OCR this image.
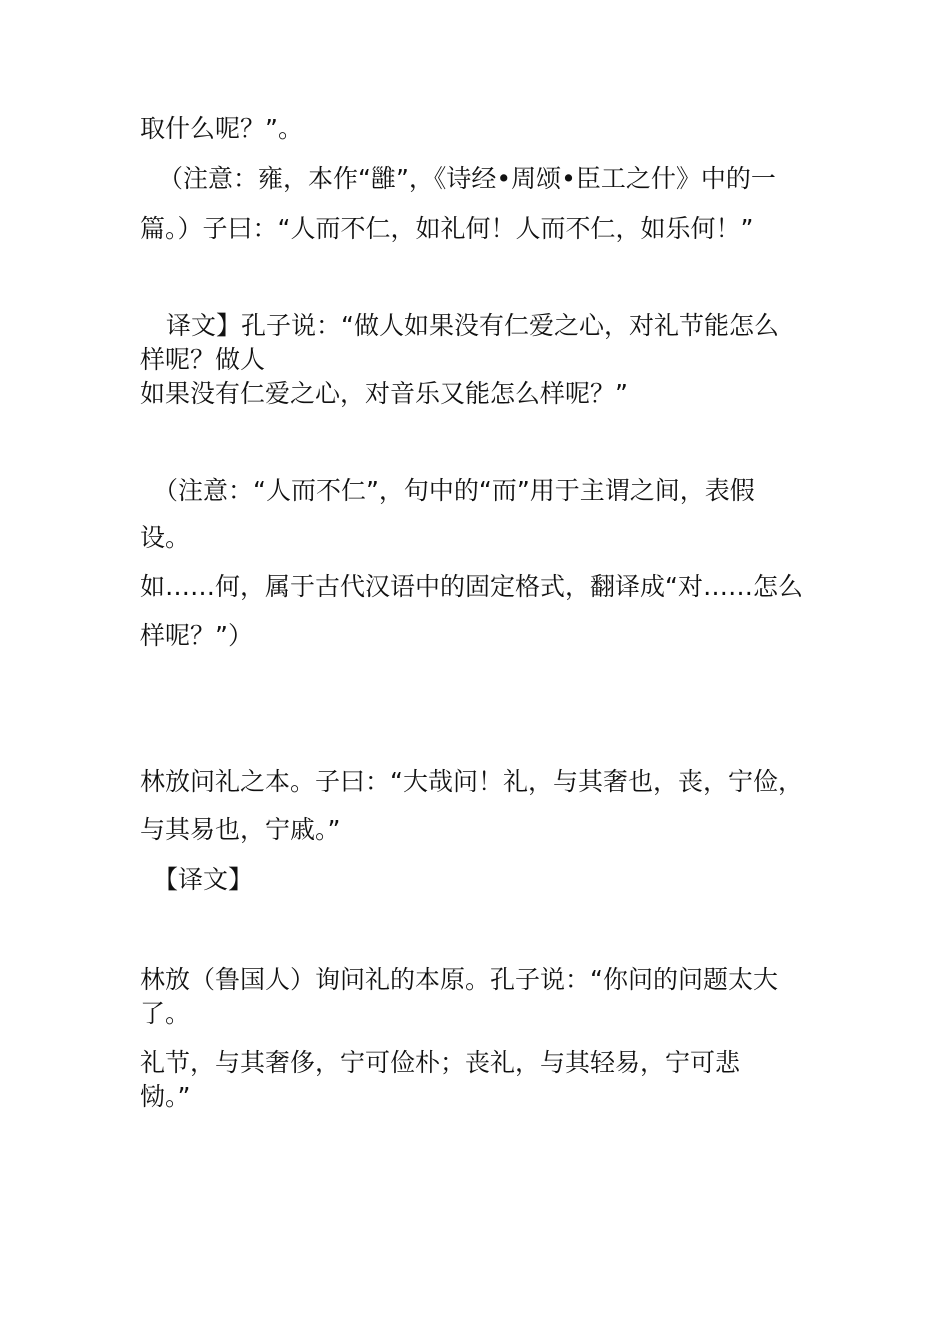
取什么呢？”。
（注意：雍，本作“雝”，《诗经•周颂•臣工之什》中的一
篇。）子曰：“人而不仁，如礼何！人而不仁，如乐何！”
译文】孔子说：“做人如果没有仁爱之心，对礼节能怎么
样呢？做人
如果没有仁爱之心，对音乐又能怎么样呢？”
（注意：“人而不仁”，句中的“而”用于主谓之间，表假
设。
如……何，属于古代汉语中的固定格式，翻译成“对……怎么
样呢？”）
林放问礼之本。子曰：“大哉问！礼，与其奢也，丧，宁俭，
与其易也，宁戚。”
【译文】
林放（鲁国人）询问礼的本原。孔子说：“你问的问题太大
了。
礼节，与其奢侈，宁可俭朴；丧礼，与其轻易，宁可悲
恸。”
